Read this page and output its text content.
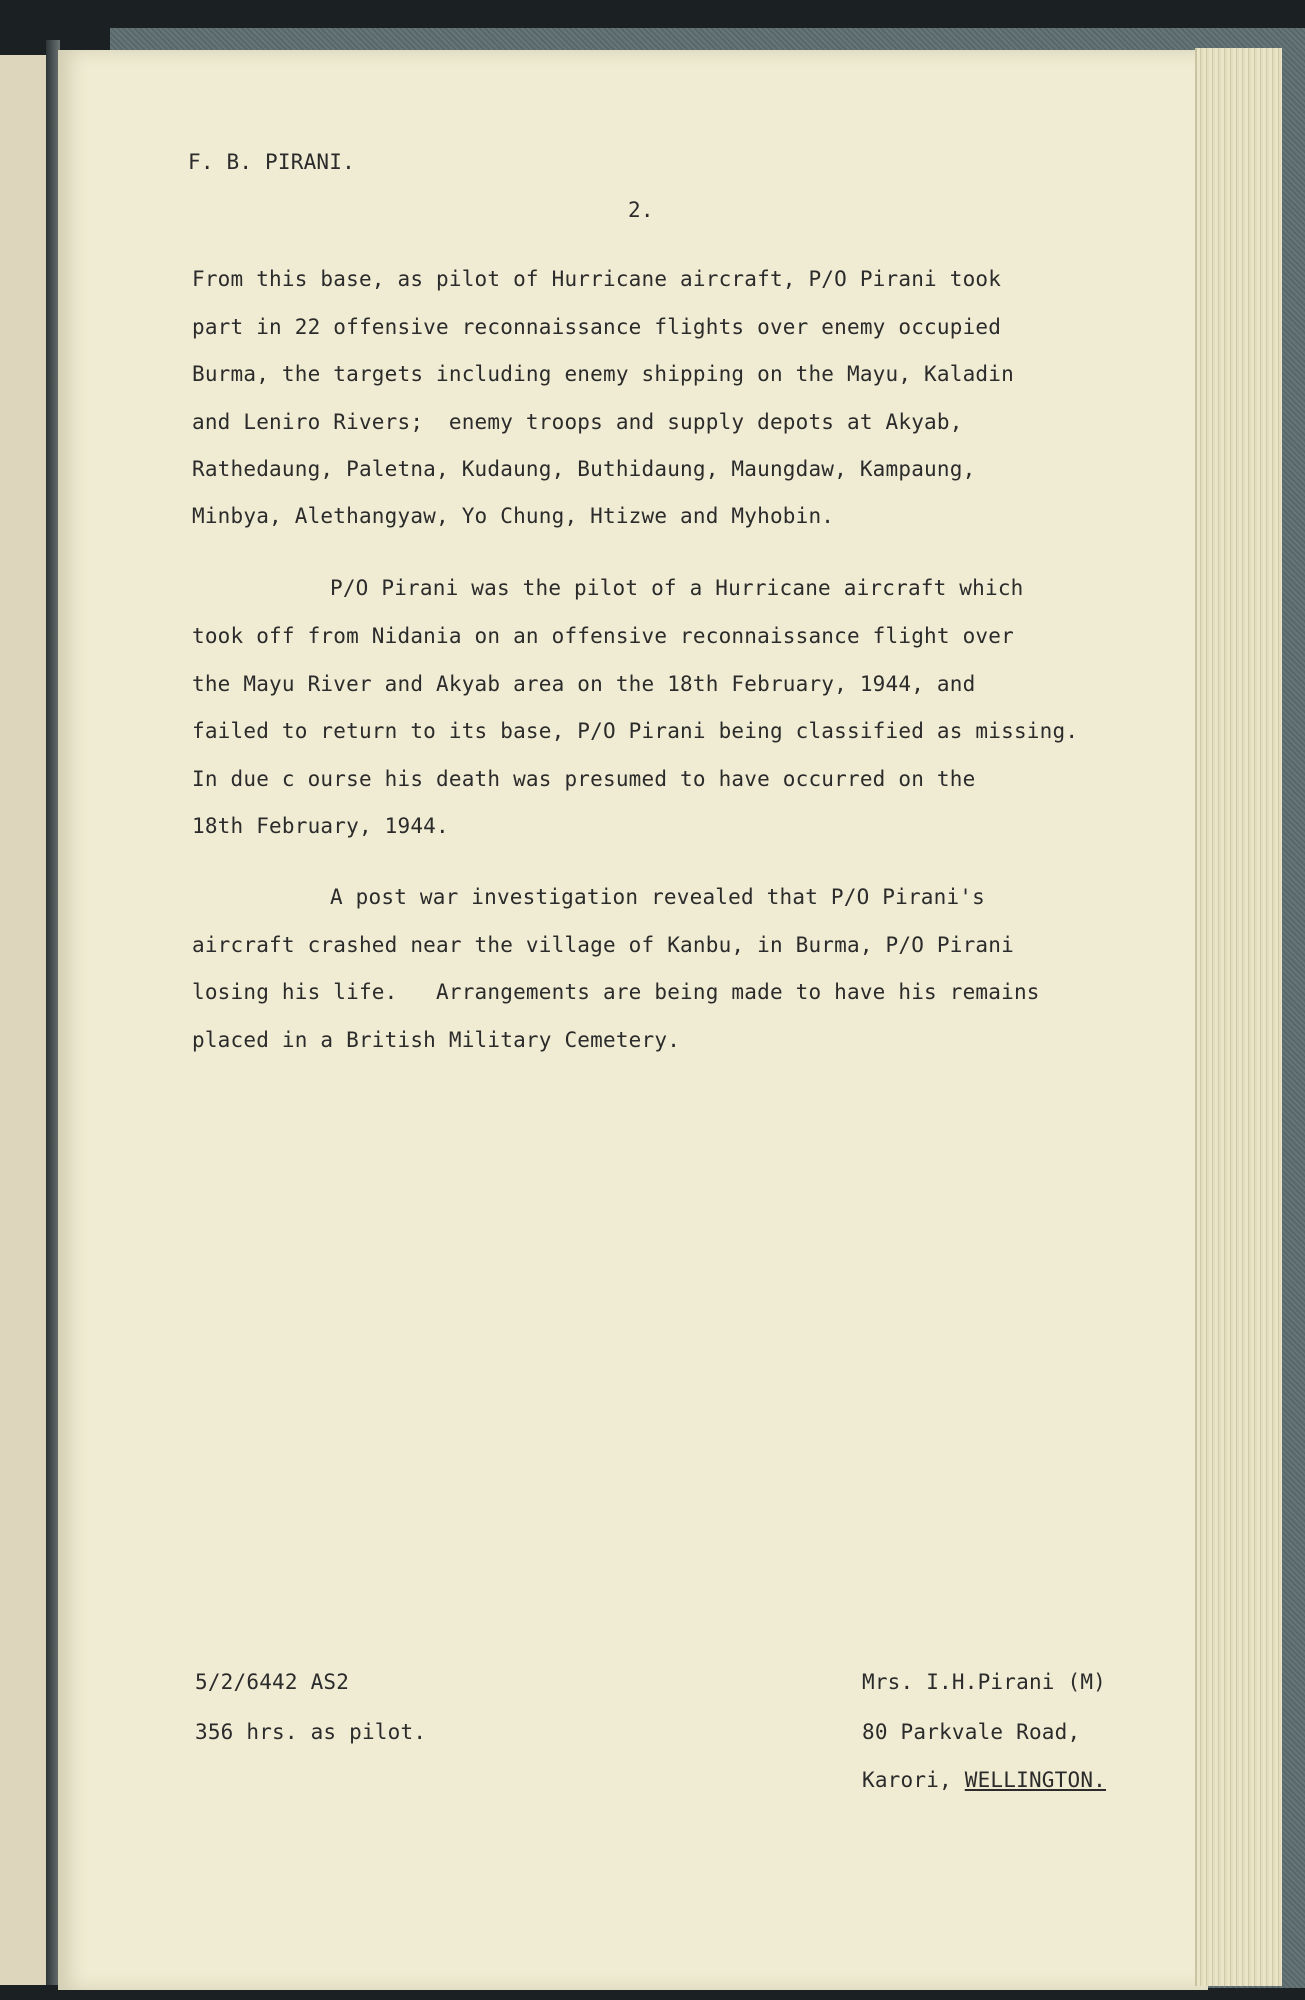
F. B. PIRANI.
2.
From this base, as pilot of Hurricane aircraft, P/O Pirani took
part in 22 offensive reconnaissance flights over enemy occupied
Burma, the targets including enemy shipping on the Mayu, Kaladin
and Leniro Rivers;  enemy troops and supply depots at Akyab,
Rathedaung, Paletna, Kudaung, Buthidaung, Maungdaw, Kampaung,
Minbya, Alethangyaw, Yo Chung, Htizwe and Myhobin.
P/O Pirani was the pilot of a Hurricane aircraft which
took off from Nidania on an offensive reconnaissance flight over
the Mayu River and Akyab area on the 18th February, 1944, and
failed to return to its base, P/O Pirani being classified as missing.
In due c ourse his death was presumed to have occurred on the
18th February, 1944.
A post war investigation revealed that P/O Pirani's
aircraft crashed near the village of Kanbu, in Burma, P/O Pirani
losing his life.   Arrangements are being made to have his remains
placed in a British Military Cemetery.
5/2/6442 AS2
356 hrs. as pilot.
Mrs. I.H.Pirani (M)
80 Parkvale Road,
Karori, WELLINGTON.
